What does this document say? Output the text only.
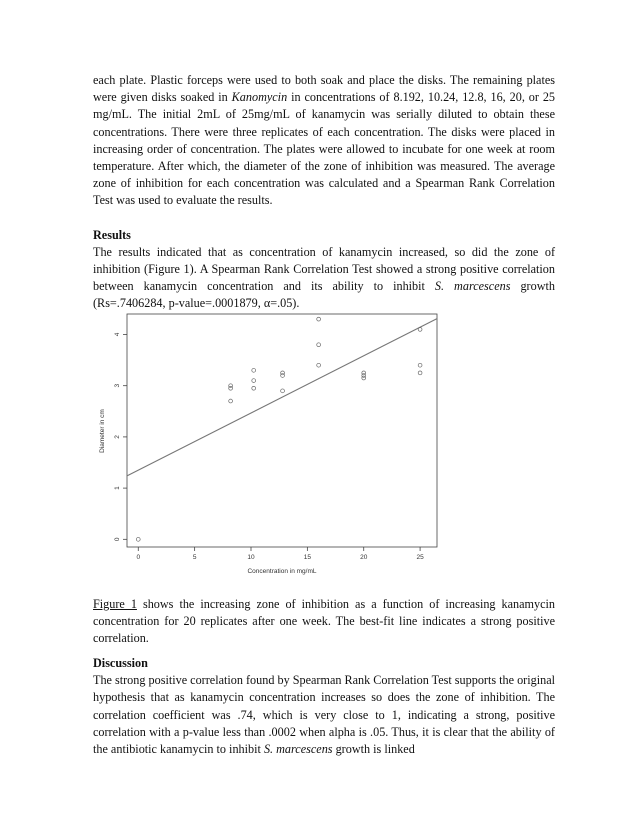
each plate. Plastic forceps were used to both soak and place the disks. The remaining plates were given disks soaked in Kanomycin in concentrations of 8.192, 10.24, 12.8, 16, 20, or 25 mg/mL. The initial 2mL of 25mg/mL of kanamycin was serially diluted to obtain these concentrations. There were three replicates of each concentration. The disks were placed in increasing order of concentration. The plates were allowed to incubate for one week at room temperature. After which, the diameter of the zone of inhibition was measured. The average zone of inhibition for each concentration was calculated and a Spearman Rank Correlation Test was used to evaluate the results.

Results

The results indicated that as concentration of kanamycin increased, so did the zone of inhibition (Figure 1). A Spearman Rank Correlation Test showed a strong positive correlation between kanamycin concentration and its ability to inhibit S. marcescens growth (Rs=.7406284, p-value=.0001879, α=.05).

0	5	10	15	20	25
0
1
2
3
4
Concentration in mg/mL
Diameter in cm

Figure 1 shows the increasing zone of inhibition as a function of increasing kanamycin concentration for 20 replicates after one week. The best-fit line indicates a strong positive correlation.

Discussion

The strong positive correlation found by Spearman Rank Correlation Test supports the original hypothesis that as kanamycin concentration increases so does the zone of inhibition. The correlation coefficient was .74, which is very close to 1, indicating a strong, positive correlation with a p-value less than .0002 when alpha is .05. Thus, it is clear that the ability of the antibiotic kanamycin to inhibit S. marcescens growth is linked
